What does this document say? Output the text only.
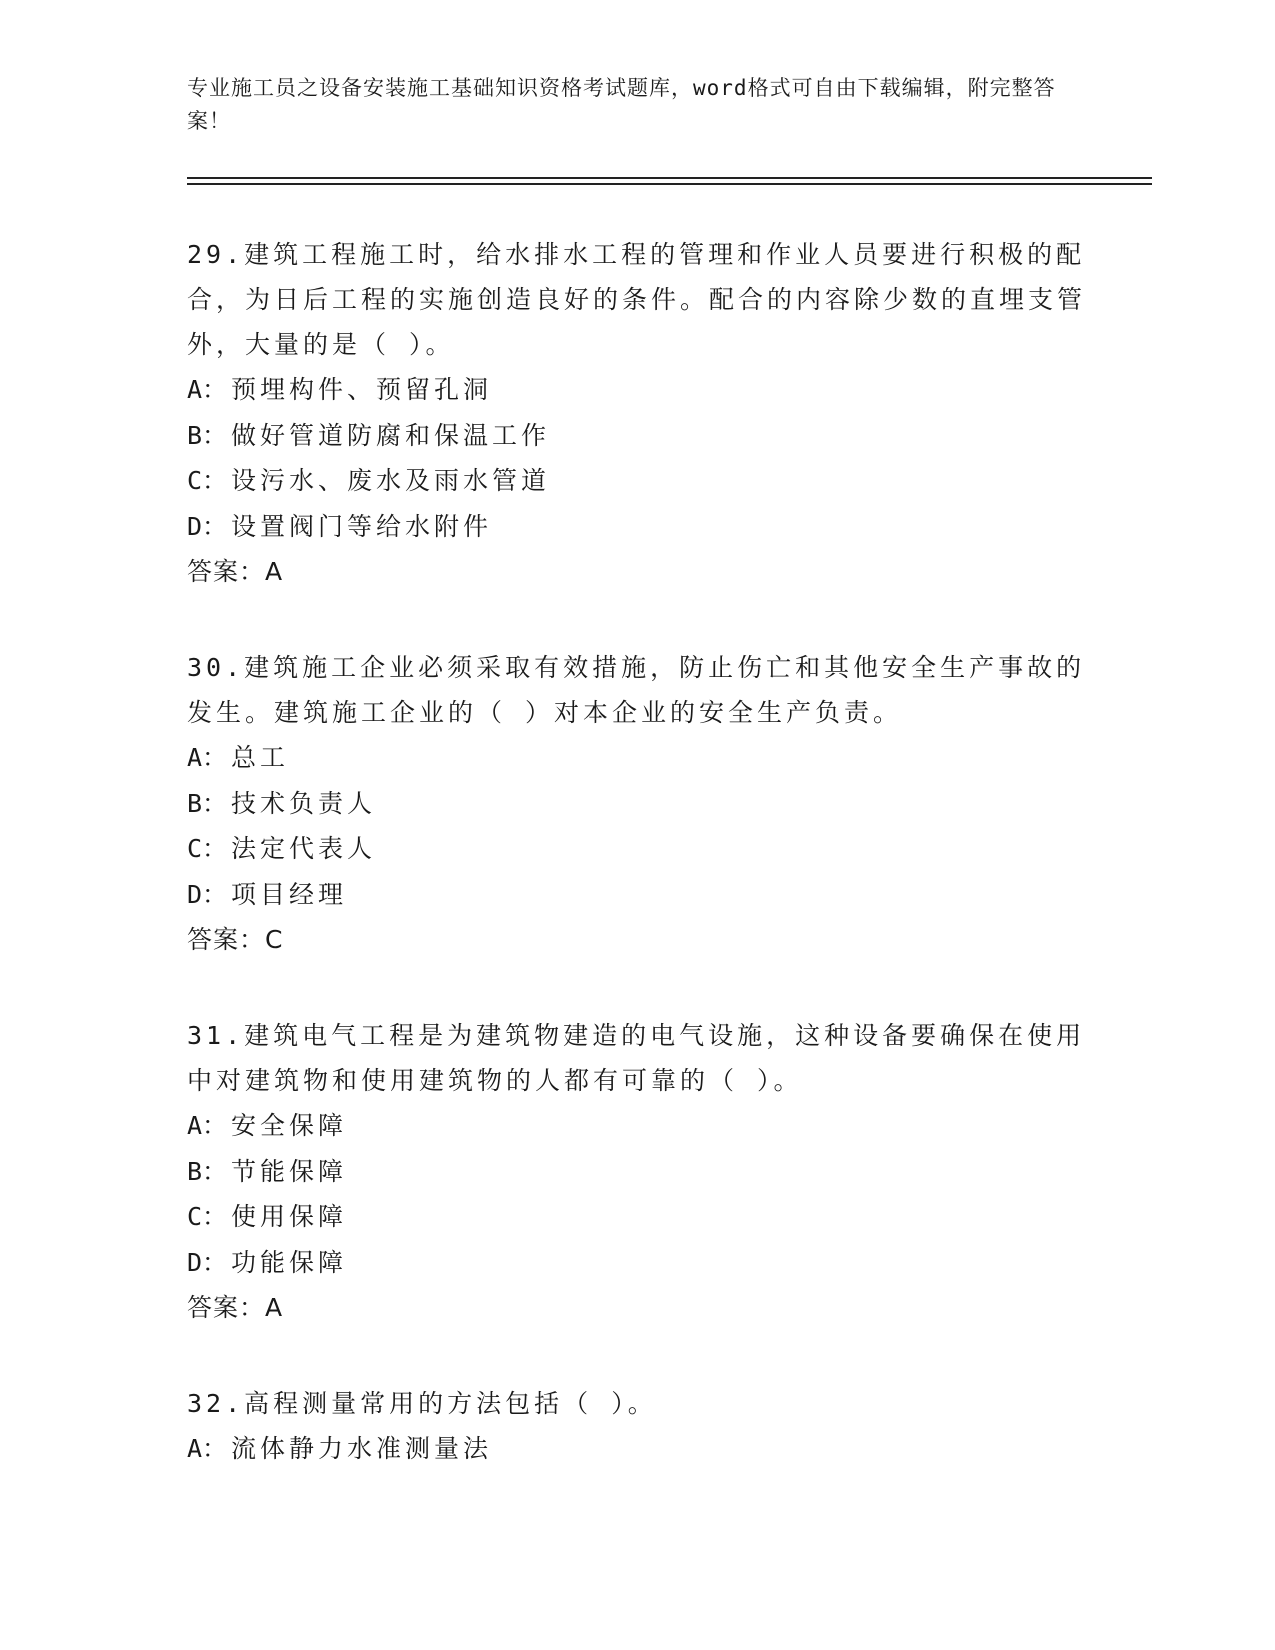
专业施工员之设备安装施工基础知识资格考试题库，word格式可自由下载编辑，附完整答案！

29.建筑工程施工时，给水排水工程的管理和作业人员要进行积极的配合，为日后工程的实施创造良好的条件。配合的内容除少数的直埋支管外，大量的是（ ）。

A： 预埋构件、预留孔洞

B： 做好管道防腐和保温工作

C： 设污水、废水及雨水管道

D： 设置阀门等给水附件

答案：A

30.建筑施工企业必须采取有效措施，防止伤亡和其他安全生产事故的发生。建筑施工企业的（ ）对本企业的安全生产负责。

A： 总工

B： 技术负责人

C： 法定代表人

D： 项目经理

答案：C

31.建筑电气工程是为建筑物建造的电气设施，这种设备要确保在使用中对建筑物和使用建筑物的人都有可靠的（ ）。

A： 安全保障

B： 节能保障

C： 使用保障

D： 功能保障

答案：A

32.高程测量常用的方法包括（ ）。

A： 流体静力水准测量法
